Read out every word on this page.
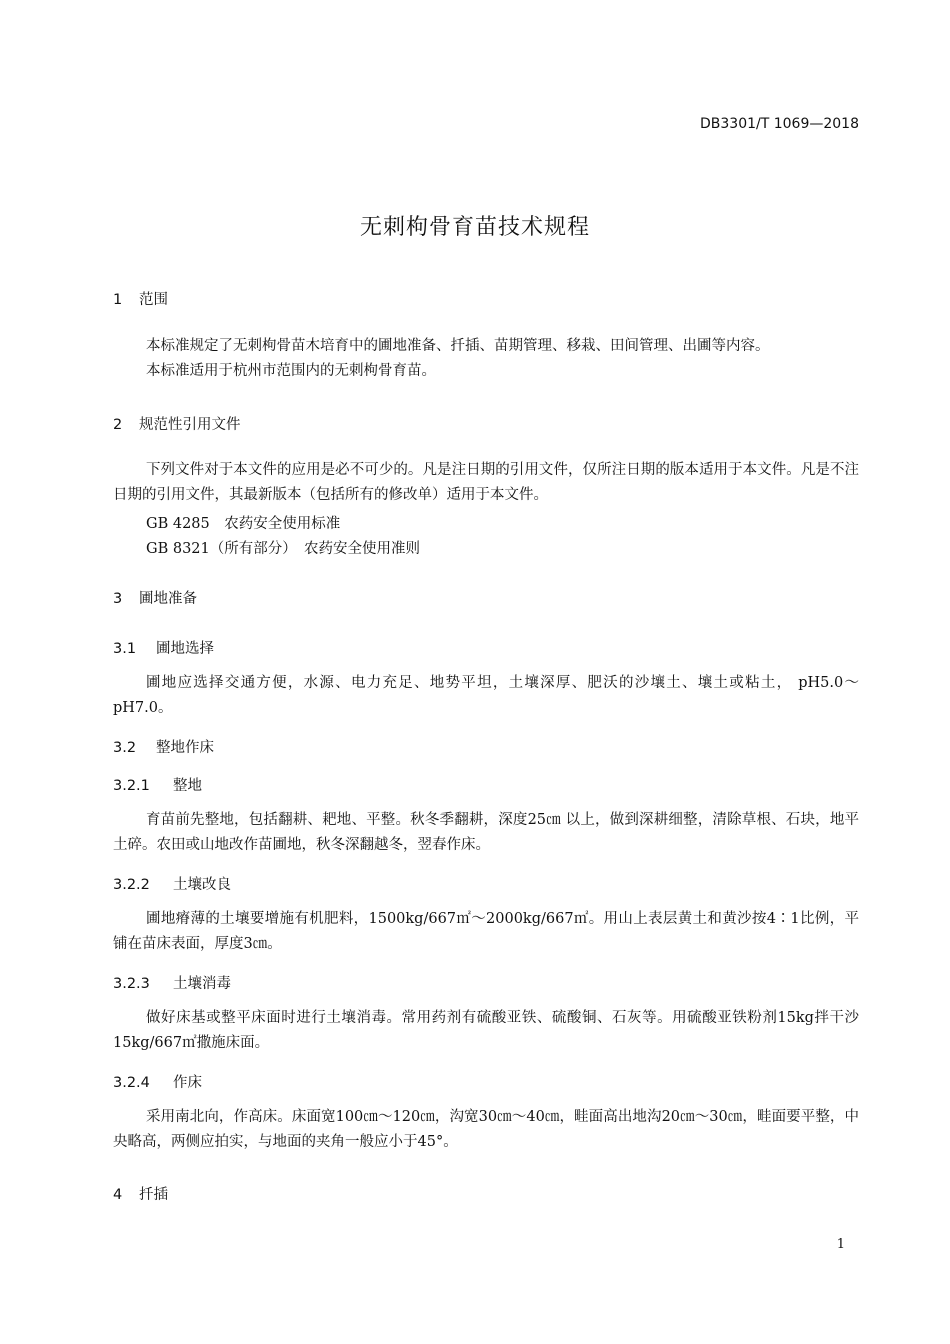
DB3301/T 1069—2018
无刺枸骨育苗技术规程
1 范围
本标准规定了无刺枸骨苗木培育中的圃地准备、扦插、苗期管理、移栽、田间管理、出圃等内容。
本标准适用于杭州市范围内的无刺枸骨育苗。
2 规范性引用文件
下列文件对于本文件的应用是必不可少的。凡是注日期的引用文件，仅所注日期的版本适用于本文件。凡是不注日期的引用文件，其最新版本（包括所有的修改单）适用于本文件。
GB 4285　农药安全使用标准
GB 8321（所有部分）　农药安全使用准则
3 圃地准备
3.1 圃地选择
圃地应选择交通方便，水源、电力充足、地势平坦，土壤深厚、肥沃的沙壤土、壤土或粘土， pH5.0～pH7.0。
3.2 整地作床
3.2.1 整地
育苗前先整地，包括翻耕、耙地、平整。秋冬季翻耕，深度25㎝ 以上，做到深耕细整，清除草根、石块，地平土碎。农田或山地改作苗圃地，秋冬深翻越冬，翌春作床。
3.2.2 土壤改良
圃地瘠薄的土壤要增施有机肥料，1500kg/667㎡～2000kg/667㎡。用山上表层黄土和黄沙按4∶1比例，平铺在苗床表面，厚度3㎝。
3.2.3 土壤消毒
做好床基或整平床面时进行土壤消毒。常用药剂有硫酸亚铁、硫酸铜、石灰等。用硫酸亚铁粉剂15kg拌干沙15kg/667㎡撒施床面。
3.2.4 作床
采用南北向，作高床。床面宽100㎝～120㎝，沟宽30㎝～40㎝，畦面高出地沟20㎝～30㎝，畦面要平整，中央略高，两侧应拍实，与地面的夹角一般应小于45°。
4 扦插
1
